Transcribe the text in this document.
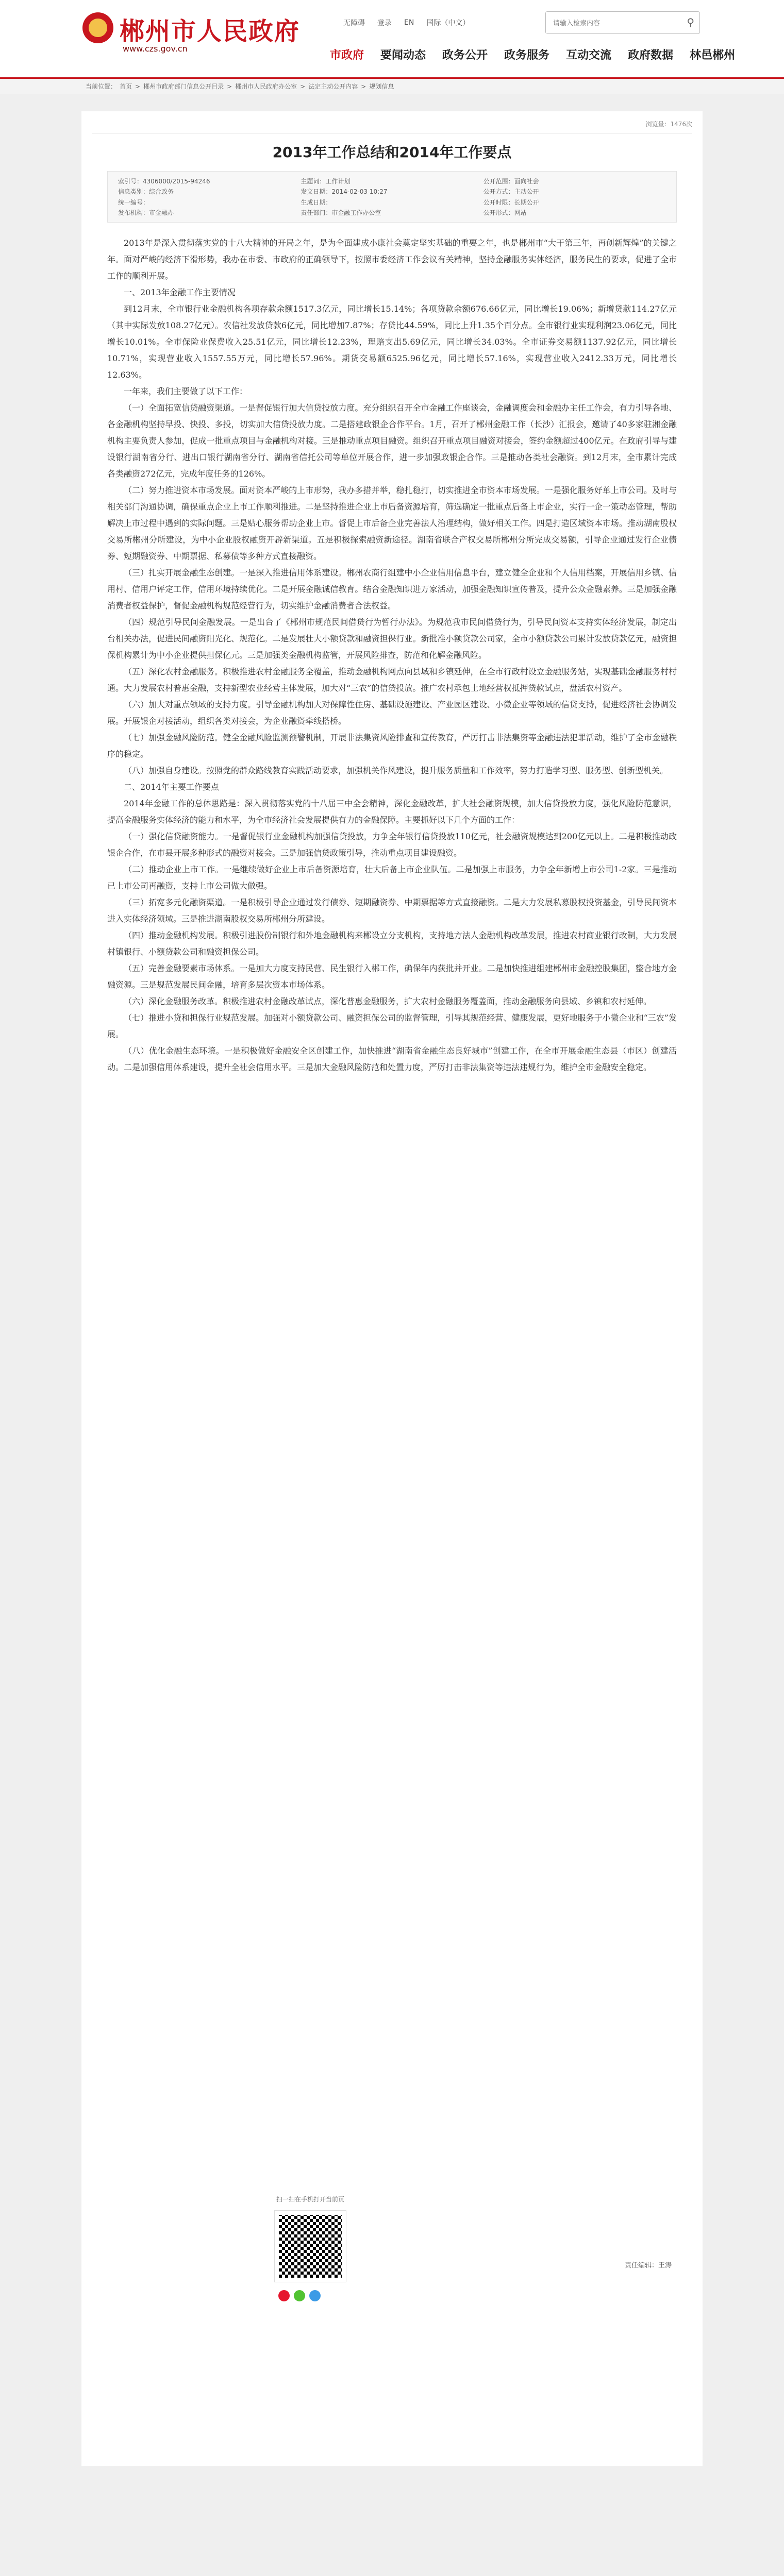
郴州市人民政府
www.czs.gov.cn
无障碍 登录 EN 国际（中文）
请输入检索内容	⚲
市政府 要闻动态 政务公开 政务服务 互动交流 政府数据 林邑郴州
当前位置： 首页 > 郴州市政府部门信息公开目录 > 郴州市人民政府办公室 > 法定主动公开内容 > 规划信息
浏览量：1476次
2013年工作总结和2014年工作要点
索引号：4306000/2015-94246	主题词：工作计划	公开范围：面向社会
信息类别：综合政务	发文日期：2014-02-03 10:27	公开方式：主动公开
统一编号：	生成日期：	公开时限：长期公开
发布机构：市金融办	责任部门：市金融工作办公室	公开形式：网站

2013年是深入贯彻落实党的十八大精神的开局之年，是为全面建成小康社会奠定坚实基础的重要之年，也是郴州市“大干第三年，再创新辉煌”的关键之年。面对严峻的经济下滑形势，我办在市委、市政府的正确领导下，按照市委经济工作会议有关精神，坚持金融服务实体经济，服务民生的要求，促进了全市工作的顺利开展。

一、2013年金融工作主要情况

到12月末，全市银行业金融机构各项存款余额1517.3亿元，同比增长15.14%；各项贷款余额676.66亿元，同比增长19.06%；新增贷款114.27亿元（其中实际发放108.27亿元）。农信社发放贷款6亿元，同比增加7.87%；存贷比44.59%，同比上升1.35个百分点。全市银行业实现利润23.06亿元，同比增长10.01%。全市保险业保费收入25.51亿元，同比增长12.23%，理赔支出5.69亿元，同比增长34.03%。全市证券交易额1137.92亿元，同比增长10.71%，实现营业收入1557.55万元，同比增长57.96%。期货交易额6525.96亿元，同比增长57.16%，实现营业收入2412.33万元，同比增长12.63%。

一年来，我们主要做了以下工作：

（一）全面拓宽信贷融资渠道。一是督促银行加大信贷投放力度。充分组织召开全市金融工作座谈会，金融调度会和金融办主任工作会，有力引导各地、各金融机构坚持早投、快投、多投，切实加大信贷投放力度。二是搭建政银企合作平台。1月，召开了郴州金融工作（长沙）汇报会，邀请了40多家驻湘金融机构主要负责人参加，促成一批重点项目与金融机构对接。三是推动重点项目融资。组织召开重点项目融资对接会，签约金额超过400亿元。在政府引导与建设银行湖南省分行、进出口银行湖南省分行、湖南省信托公司等单位开展合作，进一步加强政银企合作。三是推动各类社会融资。到12月末，全市累计完成各类融资272亿元，完成年度任务的126%。

（二）努力推进资本市场发展。面对资本严峻的上市形势，我办多措并举，稳扎稳打，切实推进全市资本市场发展。一是强化服务好单上市公司。及时与相关部门沟通协调，确保重点企业上市工作顺利推进。二是坚持推进企业上市后备资源培育，筛选确定一批重点后备上市企业，实行一企一策动态管理，帮助解决上市过程中遇到的实际问题。三是贴心服务帮助企业上市。督促上市后备企业完善法人治理结构，做好相关工作。四是打造区域资本市场。推动湖南股权交易所郴州分所建设，为中小企业股权融资开辟新渠道。五是积极探索融资新途径。湖南省联合产权交易所郴州分所完成交易额，引导企业通过发行企业债券、短期融资券、中期票据、私募债等多种方式直接融资。

（三）扎实开展金融生态创建。一是深入推进信用体系建设。郴州农商行组建中小企业信用信息平台，建立健全企业和个人信用档案，开展信用乡镇、信用村、信用户评定工作，信用环境持续优化。二是开展金融诚信教育。结合金融知识进万家活动，加强金融知识宣传普及，提升公众金融素养。三是加强金融消费者权益保护，督促金融机构规范经营行为，切实维护金融消费者合法权益。

（四）规范引导民间金融发展。一是出台了《郴州市规范民间借贷行为暂行办法》。为规范我市民间借贷行为，引导民间资本支持实体经济发展，制定出台相关办法，促进民间融资阳光化、规范化。二是发展壮大小额贷款和融资担保行业。新批准小额贷款公司家，全市小额贷款公司累计发放贷款亿元，融资担保机构累计为中小企业提供担保亿元。三是加强类金融机构监管，开展风险排查，防范和化解金融风险。

（五）深化农村金融服务。积极推进农村金融服务全覆盖，推动金融机构网点向县域和乡镇延伸，在全市行政村设立金融服务站，实现基础金融服务村村通。大力发展农村普惠金融，支持新型农业经营主体发展，加大对“三农”的信贷投放。推广农村承包土地经营权抵押贷款试点，盘活农村资产。

（六）加大对重点领域的支持力度。引导金融机构加大对保障性住房、基础设施建设、产业园区建设、小微企业等领域的信贷支持，促进经济社会协调发展。开展银企对接活动，组织各类对接会，为企业融资牵线搭桥。

（七）加强金融风险防范。健全金融风险监测预警机制，开展非法集资风险排查和宣传教育，严厉打击非法集资等金融违法犯罪活动，维护了全市金融秩序的稳定。

（八）加强自身建设。按照党的群众路线教育实践活动要求，加强机关作风建设，提升服务质量和工作效率，努力打造学习型、服务型、创新型机关。

二、2014年主要工作要点

2014年金融工作的总体思路是：深入贯彻落实党的十八届三中全会精神，深化金融改革，扩大社会融资规模，加大信贷投放力度，强化风险防范意识，提高金融服务实体经济的能力和水平，为全市经济社会发展提供有力的金融保障。主要抓好以下几个方面的工作：

（一）强化信贷融资能力。一是督促银行业金融机构加强信贷投放，力争全年银行信贷投放110亿元，社会融资规模达到200亿元以上。二是积极推动政银企合作，在市县开展多种形式的融资对接会。三是加强信贷政策引导，推动重点项目建设融资。

（二）推动企业上市工作。一是继续做好企业上市后备资源培育，壮大后备上市企业队伍。二是加强上市服务，力争全年新增上市公司1-2家。三是推动已上市公司再融资，支持上市公司做大做强。

（三）拓宽多元化融资渠道。一是积极引导企业通过发行债券、短期融资券、中期票据等方式直接融资。二是大力发展私募股权投资基金，引导民间资本进入实体经济领域。三是推进湖南股权交易所郴州分所建设。

（四）推动金融机构发展。积极引进股份制银行和外地金融机构来郴设立分支机构，支持地方法人金融机构改革发展，推进农村商业银行改制，大力发展村镇银行、小额贷款公司和融资担保公司。

（五）完善金融要素市场体系。一是加大力度支持民营、民生银行入郴工作，确保年内获批并开业。二是加快推进组建郴州市金融控股集团，整合地方金融资源。三是规范发展民间金融，培育多层次资本市场体系。

（六）深化金融服务改革。积极推进农村金融改革试点，深化普惠金融服务，扩大农村金融服务覆盖面，推动金融服务向县域、乡镇和农村延伸。

（七）推进小贷和担保行业规范发展。加强对小额贷款公司、融资担保公司的监督管理，引导其规范经营、健康发展，更好地服务于小微企业和“三农”发展。

（八）优化金融生态环境。一是积极做好金融安全区创建工作，加快推进“湖南省金融生态良好城市”创建工作，在全市开展金融生态县（市区）创建活动。二是加强信用体系建设，提升全社会信用水平。三是加大金融风险防范和处置力度，严厉打击非法集资等违法违规行为，维护全市金融安全稳定。

责任编辑：王涛
扫一扫在手机打开当前页
